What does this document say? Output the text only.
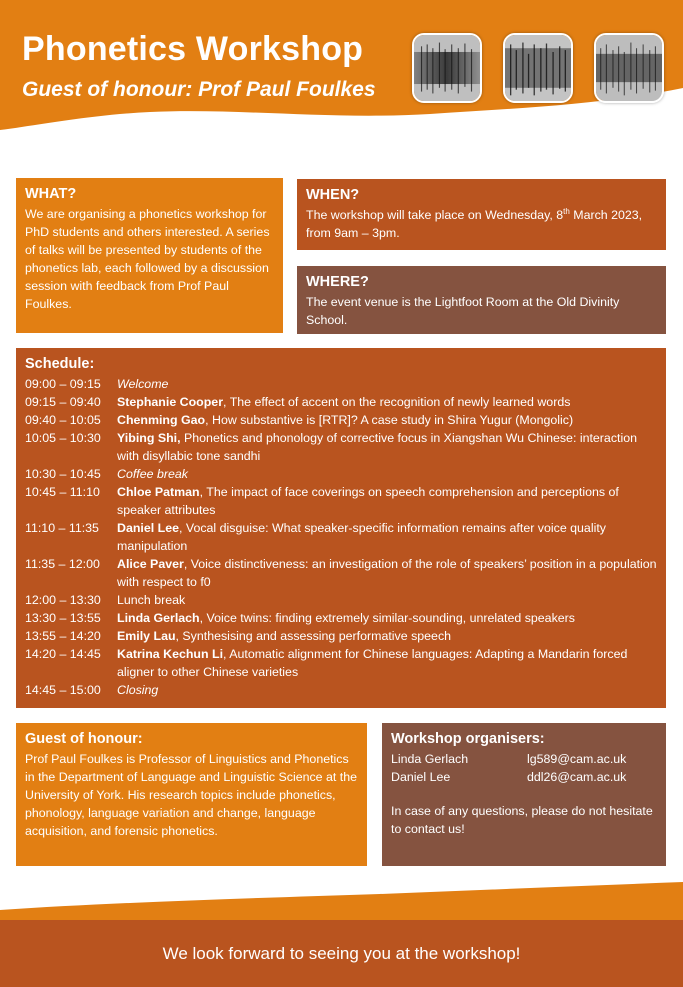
Phonetics Workshop
Guest of honour: Prof Paul Foulkes
WHAT?
We are organising a phonetics workshop for PhD students and others interested. A series of talks will be presented by students of the phonetics lab, each followed by a discussion session with feedback from Prof Paul Foulkes.
WHEN?
The workshop will take place on Wednesday, 8th March 2023, from 9am – 3pm.
WHERE?
The event venue is the Lightfoot Room at the Old Divinity School.
Schedule:
09:00 – 09:15	Welcome
09:15 – 09:40	Stephanie Cooper, The effect of accent on the recognition of newly learned words
09:40 – 10:05	Chenming Gao, How substantive is [RTR]? A case study in Shira Yugur (Mongolic)
10:05 – 10:30	Yibing Shi, Phonetics and phonology of corrective focus in Xiangshan Wu Chinese: interaction with disyllabic tone sandhi
10:30 – 10:45	Coffee break
10:45 – 11:10	Chloe Patman, The impact of face coverings on speech comprehension and perceptions of speaker attributes
11:10 – 11:35	Daniel Lee, Vocal disguise: What speaker-specific information remains after voice quality manipulation
11:35 – 12:00	Alice Paver, Voice distinctiveness: an investigation of the role of speakers’ position in a population with respect to f0
12:00 – 13:30	Lunch break
13:30 – 13:55	Linda Gerlach, Voice twins: finding extremely similar-sounding, unrelated speakers
13:55 – 14:20	Emily Lau, Synthesising and assessing performative speech
14:20 – 14:45	Katrina Kechun Li, Automatic alignment for Chinese languages: Adapting a Mandarin forced aligner to other Chinese varieties
14:45 – 15:00	Closing
Guest of honour:
Prof Paul Foulkes is Professor of Linguistics and Phonetics in the Department of Language and Linguistic Science at the University of York. His research topics include phonetics, phonology, language variation and change, language acquisition, and forensic phonetics.
Workshop organisers:
Linda Gerlach	lg589@cam.ac.uk
Daniel Lee	ddl26@cam.ac.uk
In case of any questions, please do not hesitate to contact us!
We look forward to seeing you at the workshop!
